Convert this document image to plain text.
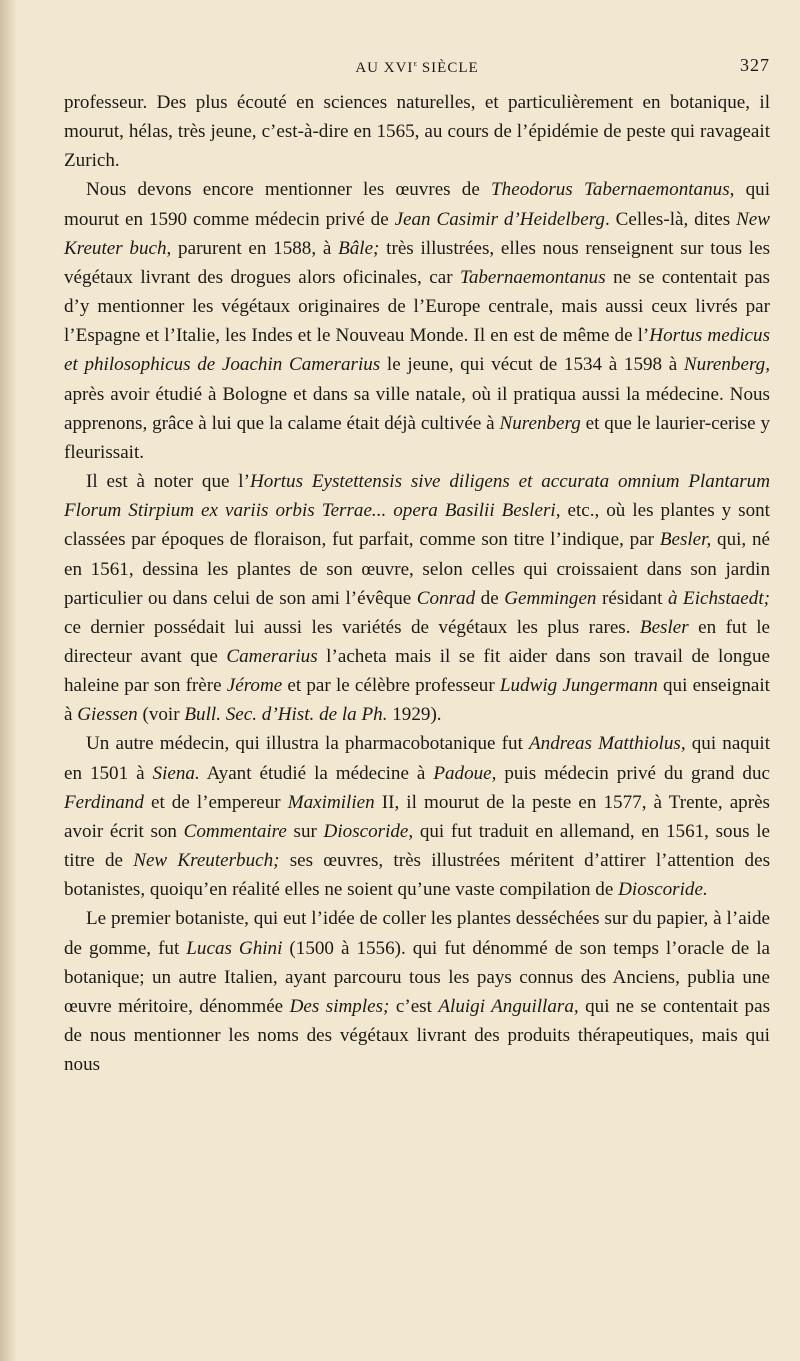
AU XVIe SIÈCLE	327

professeur. Des plus écouté en sciences naturelles, et particulièrement en botanique, il mourut, hélas, très jeune, c’est-à-dire en 1565, au cours de l’épidémie de peste qui ravageait Zurich.

Nous devons encore mentionner les œuvres de Theodorus Tabernaemontanus, qui mourut en 1590 comme médecin privé de Jean Casimir d’Heidelberg. Celles-là, dites New Kreuter buch, parurent en 1588, à Bâle; très illustrées, elles nous renseignent sur tous les végétaux livrant des drogues alors oficinales, car Tabernaemontanus ne se contentait pas d’y mentionner les végétaux originaires de l’Europe centrale, mais aussi ceux livrés par l’Espagne et l’Italie, les Indes et le Nouveau Monde. Il en est de même de l’Hortus medicus et philosophicus de Joachin Camerarius le jeune, qui vécut de 1534 à 1598 à Nurenberg, après avoir étudié à Bologne et dans sa ville natale, où il pratiqua aussi la médecine. Nous apprenons, grâce à lui que la calame était déjà cultivée à Nurenberg et que le laurier-cerise y fleurissait.

Il est à noter que l’Hortus Eystettensis sive diligens et accurata omnium Plantarum Florum Stirpium ex variis orbis Terrae... opera Basilii Besleri, etc., où les plantes y sont classées par époques de floraison, fut parfait, comme son titre l’indique, par Besler, qui, né en 1561, dessina les plantes de son œuvre, selon celles qui croissaient dans son jardin particulier ou dans celui de son ami l’évêque Conrad de Gemmingen résidant à Eichstaedt; ce dernier possédait lui aussi les variétés de végétaux les plus rares. Besler en fut le directeur avant que Camerarius l’acheta mais il se fit aider dans son travail de longue haleine par son frère Jérome et par le célèbre professeur Ludwig Jungermann qui enseignait à Giessen (voir Bull. Sec. d’Hist. de la Ph. 1929).

Un autre médecin, qui illustra la pharmacobotanique fut Andreas Matthiolus, qui naquit en 1501 à Siena. Ayant étudié la médecine à Padoue, puis médecin privé du grand duc Ferdinand et de l’empereur Maximilien II, il mourut de la peste en 1577, à Trente, après avoir écrit son Commentaire sur Dioscoride, qui fut traduit en allemand, en 1561, sous le titre de New Kreuterbuch; ses œuvres, très illustrées méritent d’attirer l’attention des botanistes, quoiqu’en réalité elles ne soient qu’une vaste compilation de Dioscoride.

Le premier botaniste, qui eut l’idée de coller les plantes desséchées sur du papier, à l’aide de gomme, fut Lucas Ghini (1500 à 1556). qui fut dénommé de son temps l’oracle de la botanique; un autre Italien, ayant parcouru tous les pays connus des Anciens, publia une œuvre méritoire, dénommée Des simples; c’est Aluigi Anguillara, qui ne se contentait pas de nous mentionner les noms des végétaux livrant des produits thérapeutiques, mais qui nous
